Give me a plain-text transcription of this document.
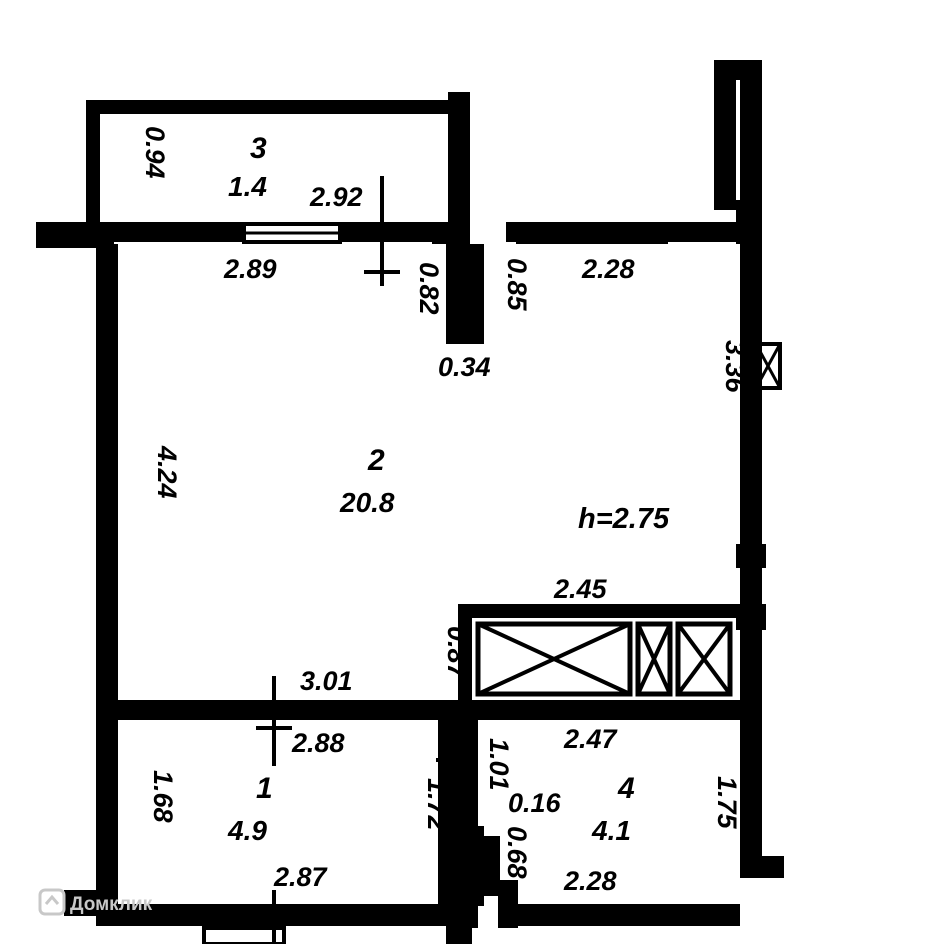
3
1.4
2
20.8
1
4.9
4
4.1
h=2.75
2.92
2.89	2.28
0.34
2.45
3.01
2.88
2.87
0.16
2.47
2.28
0.94
0.82 0.85
3.36
4.24
0.87
1.68	1.72
1.01
0.68
1.75
Домклик
